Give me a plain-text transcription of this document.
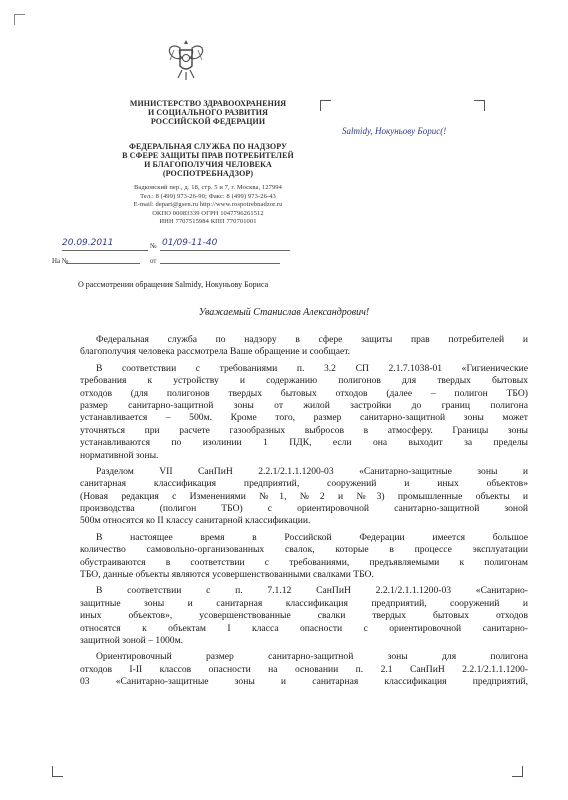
МИНИСТЕРСТВО ЗДРАВООХРАНЕНИЯ
И СОЦИАЛЬНОГО РАЗВИТИЯ
РОССИЙСКОЙ ФЕДЕРАЦИИ
ФЕДЕРАЛЬНАЯ СЛУЖБА ПО НАДЗОРУ
В СФЕРЕ ЗАЩИТЫ ПРАВ ПОТРЕБИТЕЛЕЙ
И БЛАГОПОЛУЧИЯ ЧЕЛОВЕКА
(РОСПОТРЕБНАДЗОР)
Вадковский пер., д. 18, стр. 5 и 7, г. Москва, 127994
Тел.: 8 (499) 973-26-90; Факс: 8 (499) 973-26-43
E-mail: depart@gsen.ru http://www.rospotrebnadzor.ru
ОКПО 00083339 ОГРН 1047796261512
ИНН 7707515984 КПП 770701001
20.09.2011	№ 01/09-11-40
На №	от
Salmidy, Нокуньову Борис(!
О рассмотрении обращения Salmidy, Нокуньову Бориса
Уважаемый Станислав Александрович!
Федеральная служба по надзору в сфере защиты прав потребителей и
благополучия человека рассмотрела Ваше обращение и сообщает.
В соответствии с требованиями п. 3.2 СП 2.1.7.1038-01 «Гигиенические
требования к устройству и содержанию полигонов для твердых бытовых
отходов (для полигонов твердых бытовых отходов (далее – полигон ТБО)
размер санитарно-защитной зоны от жилой застройки до границ полигона
устанавливается – 500м. Кроме того, размер санитарно-защитной зоны может
уточняться при расчете газообразных выбросов в атмосферу. Границы зоны
устанавливаются по изолинии 1 ПДК, если она выходит за пределы
нормативной зоны.
Разделом VII СанПиН 2.2.1/2.1.1.1200-03 «Санитарно-защитные зоны и
санитарная классификация предприятий, сооружений и иных объектов»
(Новая редакция с Изменениями №1, №2 и №3) промышленные объекты и
производства (полигон ТБО) с ориентировочной санитарно-защитной зоной
500м относятся ко II классу санитарной классификации.
В настоящее время в Российской Федерации имеется большое
количество самовольно-организованных свалок, которые в процессе эксплуатации
обустраиваются в соответствии с требованиями, предъявляемыми к полигонам
ТБО, данные объекты являются усовершенствованными свалками ТБО.
В соответствии с п. 7.1.12 СанПиН 2.2.1/2.1.1.1200-03 «Санитарно-
защитные зоны и санитарная классификация предприятий, сооружений и
иных объектов», усовершенствованные свалки твердых бытовых отходов
относятся к объектам I класса опасности с ориентировочной санитарно-
защитной зоной – 1000м.
Ориентировочный размер санитарно-защитной зоны для полигона
отходов I-II классов опасности на основании п. 2.1 СанПиН 2.2.1/2.1.1.1200-
03 «Санитарно-защитные зоны и санитарная классификация предприятий,
